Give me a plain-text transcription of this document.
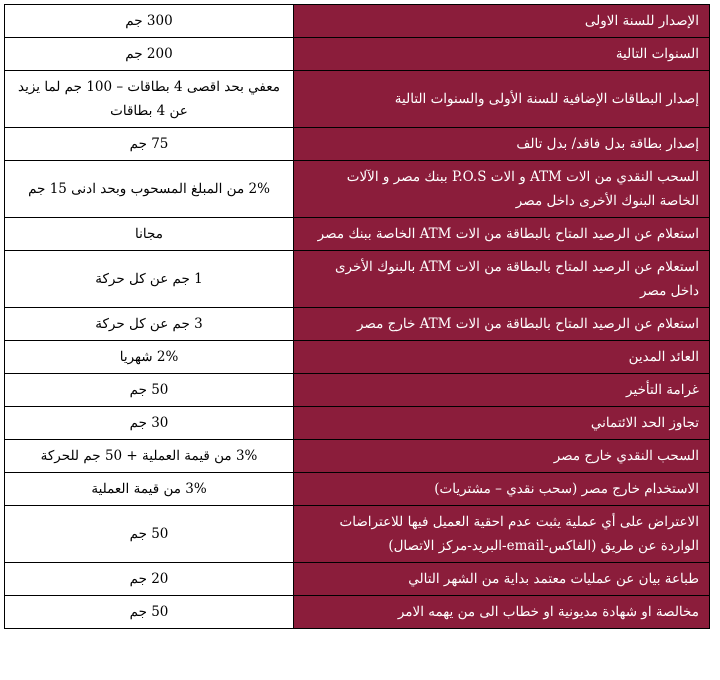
الإصدار للسنة الاولى	300 جم
السنوات التالية	200 جم
إصدار البطاقات الإضافية للسنة الأولى والسنوات التالية	معفي بحد اقصى 4 بطاقات – 100 جم لما يزيد عن 4 بطاقات
إصدار بطاقة بدل فاقد/ بدل تالف	75 جم
السحب النقدي من الات ATM و الات P.O.S ببنك مصر و الآلات الخاصة البنوك الأخرى داخل مصر	2% من المبلغ المسحوب وبحد ادنى 15 جم
استعلام عن الرصيد المتاح بالبطاقة من الات ATM الخاصة ببنك مصر	مجانا
استعلام عن الرصيد المتاح بالبطاقة من الات ATM بالبنوك الأخرى داخل مصر	1 جم عن كل حركة
استعلام عن الرصيد المتاح بالبطاقة من الات ATM خارج مصر	3 جم عن كل حركة
العائد المدين	2% شهريا
غرامة التأخير	50 جم
تجاوز الحد الائتماني	30 جم
السحب النقدي خارج مصر	3% من قيمة العملية + 50 جم للحركة
الاستخدام خارج مصر (سحب نقدي – مشتريات)	3% من قيمة العملية
الاعتراض على أي عملية يثبت عدم احقية العميل فيها للاعتراضات الواردة عن طريق (الفاكس-email-البريد-مركز الاتصال)	50 جم
طباعة بيان عن عمليات معتمد بداية من الشهر التالي	20 جم
مخالصة او شهادة مديونية او خطاب الى من يهمه الامر	50 جم
